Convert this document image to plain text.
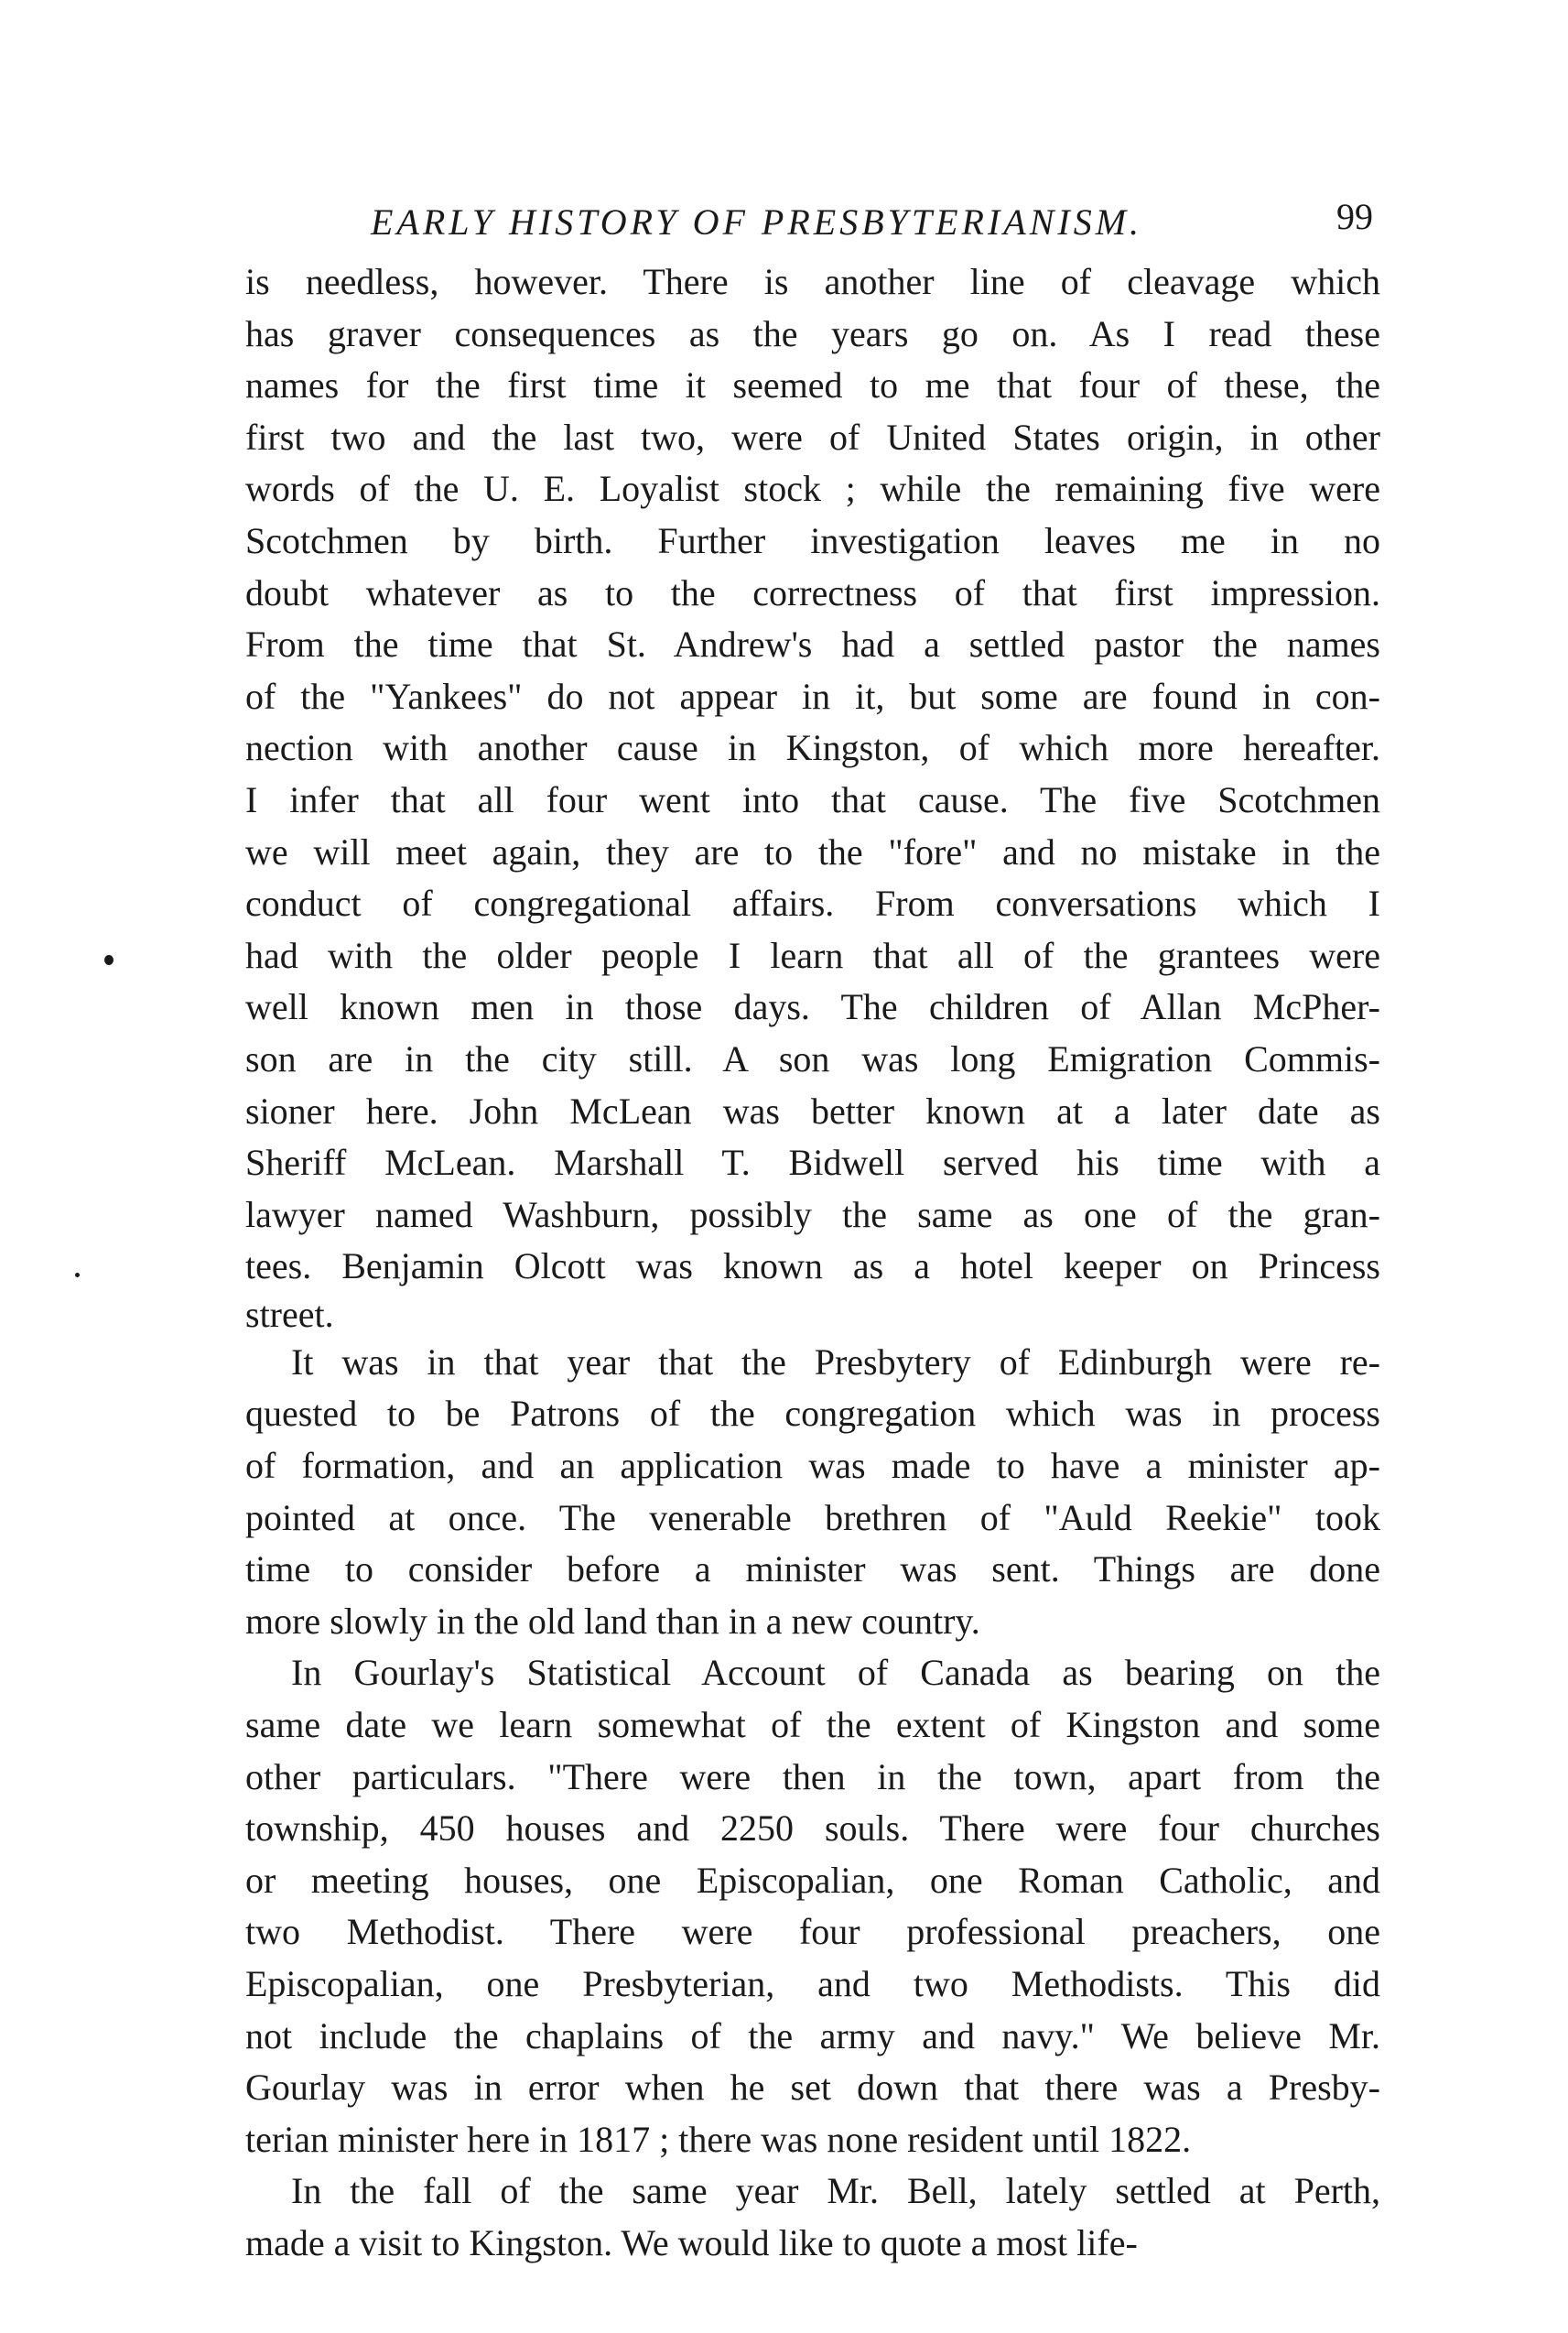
EARLY HISTORY OF PRESBYTERIANISM.	99
is needless, however. There is another line of cleavage which
has graver consequences as the years go on. As I read these
names for the first time it seemed to me that four of these, the
first two and the last two, were of United States origin, in other
words of the U. E. Loyalist stock ; while the remaining five were
Scotchmen by birth. Further investigation leaves me in no
doubt whatever as to the correctness of that first impression.
From the time that St. Andrew's had a settled pastor the names
of the "Yankees" do not appear in it, but some are found in con-
nection with another cause in Kingston, of which more hereafter.
I infer that all four went into that cause. The five Scotchmen
we will meet again, they are to the "fore" and no mistake in the
conduct of congregational affairs. From conversations which I
had with the older people I learn that all of the grantees were
well known men in those days. The children of Allan McPher-
son are in the city still. A son was long Emigration Commis-
sioner here. John McLean was better known at a later date as
Sheriff McLean. Marshall T. Bidwell served his time with a
lawyer named Washburn, possibly the same as one of the gran-
tees. Benjamin Olcott was known as a hotel keeper on Princess
street.
It was in that year that the Presbytery of Edinburgh were re-
quested to be Patrons of the congregation which was in process
of formation, and an application was made to have a minister ap-
pointed at once. The venerable brethren of "Auld Reekie" took
time to consider before a minister was sent. Things are done
more slowly in the old land than in a new country.
In Gourlay's Statistical Account of Canada as bearing on the
same date we learn somewhat of the extent of Kingston and some
other particulars. "There were then in the town, apart from the
township, 450 houses and 2250 souls. There were four churches
or meeting houses, one Episcopalian, one Roman Catholic, and
two Methodist. There were four professional preachers, one
Episcopalian, one Presbyterian, and two Methodists. This did
not include the chaplains of the army and navy." We believe Mr.
Gourlay was in error when he set down that there was a Presby-
terian minister here in 1817 ; there was none resident until 1822.
In the fall of the same year Mr. Bell, lately settled at Perth,
made a visit to Kingston. We would like to quote a most life-
